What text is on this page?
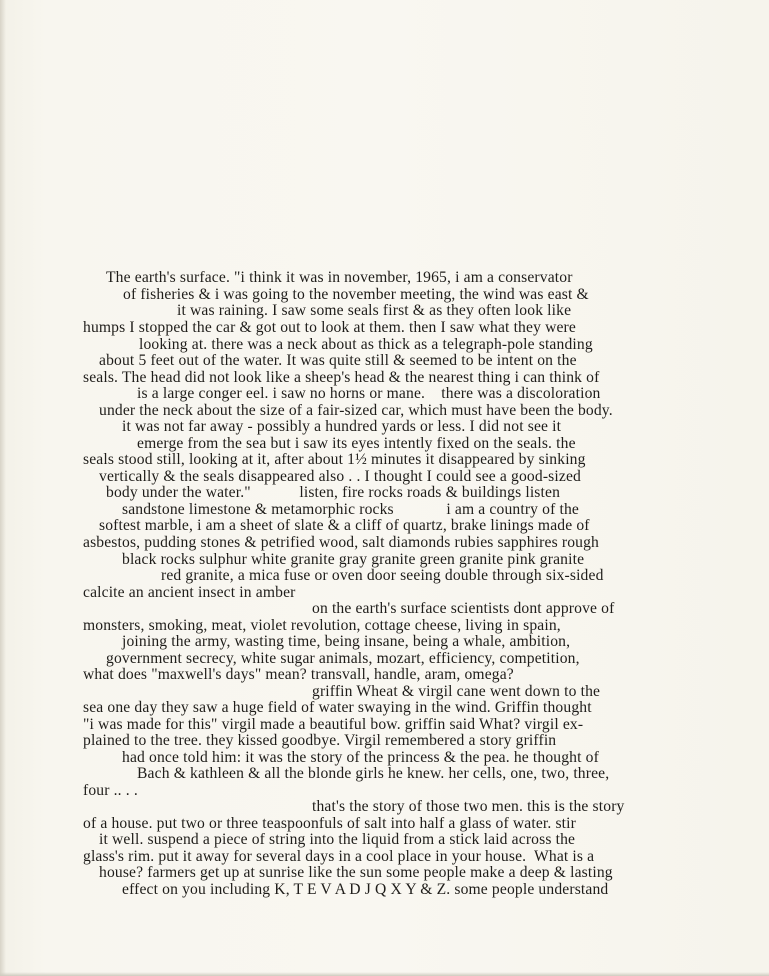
The earth's surface. "i think it was in november, 1965, i am a conservator
of fisheries & i was going to the november meeting, the wind was east &
it was raining. I saw some seals first & as they often look like
humps I stopped the car & got out to look at them. then I saw what they were
looking at. there was a neck about as thick as a telegraph-pole standing
about 5 feet out of the water. It was quite still & seemed to be intent on the
seals. The head did not look like a sheep's head & the nearest thing i can think of
is a large conger eel. i saw no horns or mane.    there was a discoloration
under the neck about the size of a fair-sized car, which must have been the body.
it was not far away - possibly a hundred yards or less. I did not see it
emerge from the sea but i saw its eyes intently fixed on the seals. the
seals stood still, looking at it, after about 1½ minutes it disappeared by sinking
vertically & the seals disappeared also . . I thought I could see a good-sized
body under the water."            listen, fire rocks roads & buildings listen
sandstone limestone & metamorphic rocks             i am a country of the
softest marble, i am a sheet of slate & a cliff of quartz, brake linings made of
asbestos, pudding stones & petrified wood, salt diamonds rubies sapphires rough
black rocks sulphur white granite gray granite green granite pink granite
red granite, a mica fuse or oven door seeing double through six-sided
calcite an ancient insect in amber
on the earth's surface scientists dont approve of
monsters, smoking, meat, violet revolution, cottage cheese, living in spain,
joining the army, wasting time, being insane, being a whale, ambition,
government secrecy, white sugar animals, mozart, efficiency, competition,
what does "maxwell's days" mean? transvall, handle, aram, omega?
griffin Wheat & virgil cane went down to the
sea one day they saw a huge field of water swaying in the wind. Griffin thought
"i was made for this" virgil made a beautiful bow. griffin said What? virgil ex-
plained to the tree. they kissed goodbye. Virgil remembered a story griffin
had once told him: it was the story of the princess & the pea. he thought of
Bach & kathleen & all the blonde girls he knew. her cells, one, two, three,
four .. . .
that's the story of those two men. this is the story
of a house. put two or three teaspoonfuls of salt into half a glass of water. stir
it well. suspend a piece of string into the liquid from a stick laid across the
glass's rim. put it away for several days in a cool place in your house.  What is a
house? farmers get up at sunrise like the sun some people make a deep & lasting
effect on you including K, T E V A D J Q X Y & Z. some people understand
